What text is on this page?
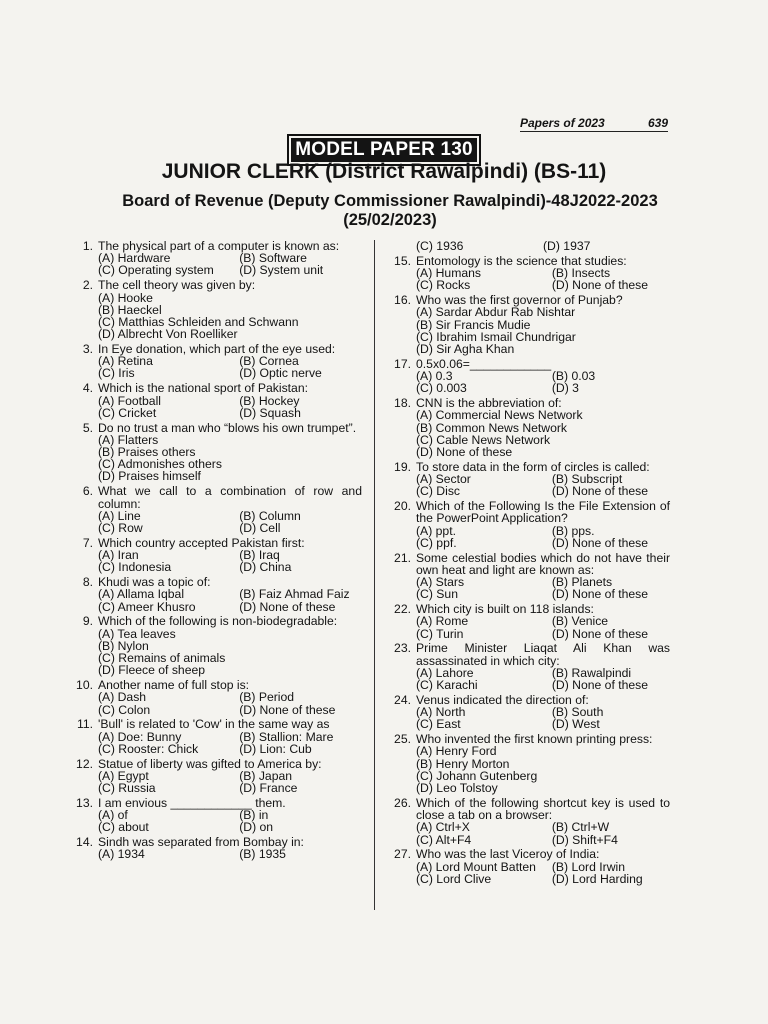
Papers of 2023	639
MODEL PAPER 130
JUNIOR CLERK (District Rawalpindi) (BS-11)
Board of Revenue (Deputy Commissioner Rawalpindi)-48J2022-2023
(25/02/2023)
1. The physical part of a computer is known as:
(A) Hardware	(B) Software
(C) Operating system	(D) System unit
2. The cell theory was given by:
(A) Hooke
(B) Haeckel
(C) Matthias Schleiden and Schwann
(D) Albrecht Von Roelliker
3. In Eye donation, which part of the eye used:
(A) Retina	(B) Cornea
(C) Iris	(D) Optic nerve
4. Which is the national sport of Pakistan:
(A) Football	(B) Hockey
(C) Cricket	(D) Squash
5. Do no trust a man who “blows his own trumpet”.
(A) Flatters
(B) Praises others
(C) Admonishes others
(D) Praises himself
6. What we call to a combination of row and column:
(A) Line	(B) Column
(C) Row	(D) Cell
7. Which country accepted Pakistan first:
(A) Iran	(B) Iraq
(C) Indonesia	(D) China
8. Khudi was a topic of:
(A) Allama Iqbal	(B) Faiz Ahmad Faiz
(C) Ameer Khusro	(D) None of these
9. Which of the following is non-biodegradable:
(A) Tea leaves
(B) Nylon
(C) Remains of animals
(D) Fleece of sheep
10. Another name of full stop is:
(A) Dash	(B) Period
(C) Colon	(D) None of these
11. 'Bull' is related to 'Cow' in the same way as
(A) Doe: Bunny	(B) Stallion: Mare
(C) Rooster: Chick	(D) Lion: Cub
12. Statue of liberty was gifted to America by:
(A) Egypt	(B) Japan
(C) Russia	(D) France
13. I am envious ____________ them.
(A) of	(B) in
(C) about	(D) on
14. Sindh was separated from Bombay in:
(A) 1934	(B) 1935
(C) 1936	(D) 1937
15. Entomology is the science that studies:
(A) Humans	(B) Insects
(C) Rocks	(D) None of these
16. Who was the first governor of Punjab?
(A) Sardar Abdur Rab Nishtar
(B) Sir Francis Mudie
(C) Ibrahim Ismail Chundrigar
(D) Sir Agha Khan
17. 0.5x0.06=____________
(A) 0.3	(B) 0.03
(C) 0.003	(D) 3
18. CNN is the abbreviation of:
(A) Commercial News Network
(B) Common News Network
(C) Cable News Network
(D) None of these
19. To store data in the form of circles is called:
(A) Sector	(B) Subscript
(C) Disc	(D) None of these
20. Which of the Following Is the File Extension of the PowerPoint Application?
(A) ppt.	(B) pps.
(C) ppf.	(D) None of these
21. Some celestial bodies which do not have their own heat and light are known as:
(A) Stars	(B) Planets
(C) Sun	(D) None of these
22. Which city is built on 118 islands:
(A) Rome	(B) Venice
(C) Turin	(D) None of these
23. Prime Minister Liaqat Ali Khan was assassinated in which city:
(A) Lahore	(B) Rawalpindi
(C) Karachi	(D) None of these
24. Venus indicated the direction of:
(A) North	(B) South
(C) East	(D) West
25. Who invented the first known printing press:
(A) Henry Ford
(B) Henry Morton
(C) Johann Gutenberg
(D) Leo Tolstoy
26. Which of the following shortcut key is used to close a tab on a browser:
(A) Ctrl+X	(B) Ctrl+W
(C) Alt+F4	(D) Shift+F4
27. Who was the last Viceroy of India:
(A) Lord Mount Batten	(B) Lord Irwin
(C) Lord Clive	(D) Lord Harding
